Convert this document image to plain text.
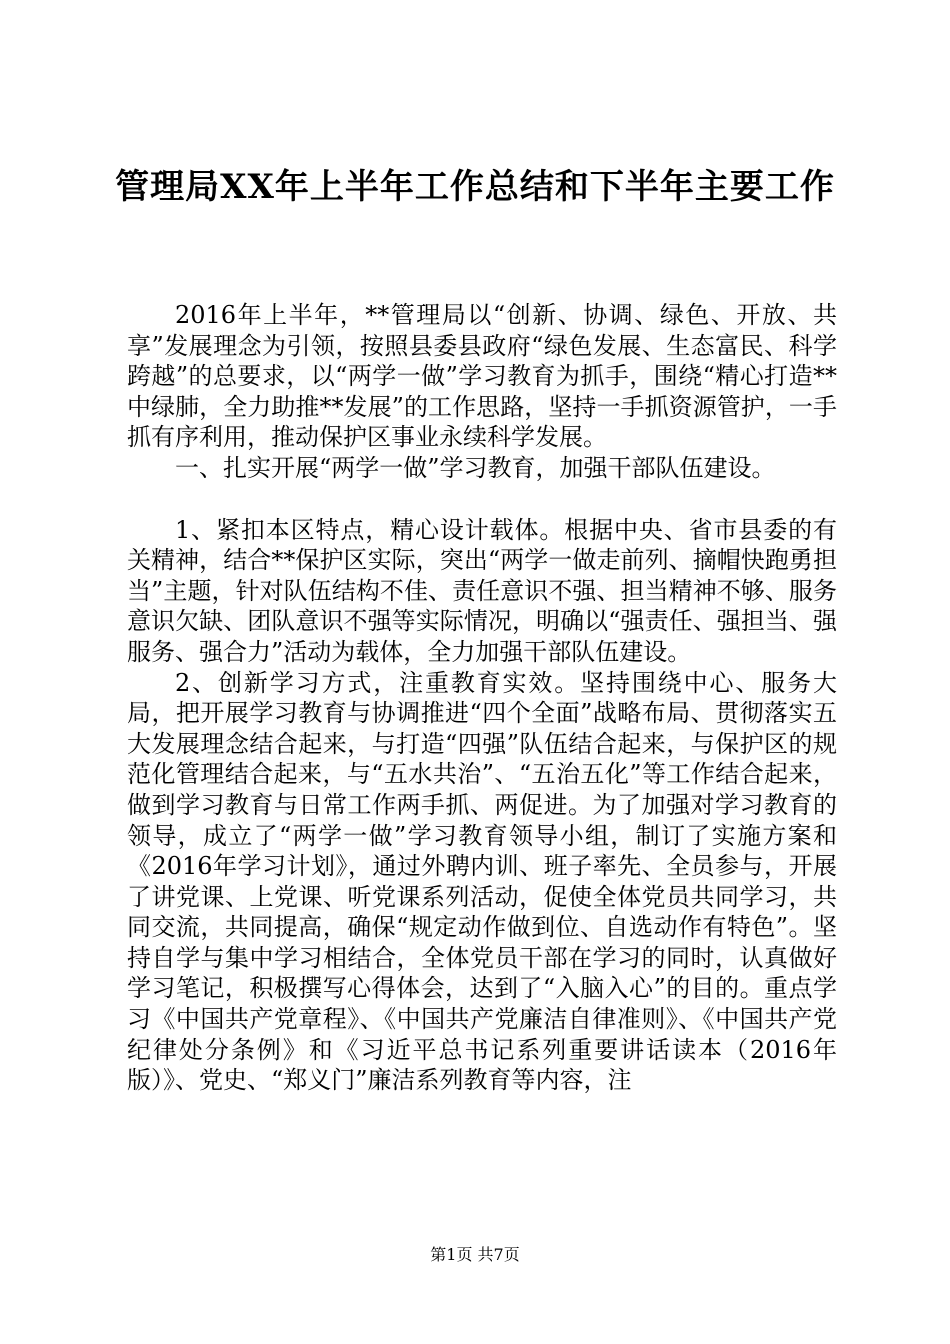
管理局XX年上半年工作总结和下半年主要工作

2016年上半年，**管理局以“创新、协调、绿色、开放、共享”发展理念为引领，按照县委县政府“绿色发展、生态富民、科学跨越”的总要求，以“两学一做”学习教育为抓手，围绕“精心打造**中绿肺，全力助推**发展”的工作思路，坚持一手抓资源管护，一手抓有序利用，推动保护区事业永续科学发展。

一、扎实开展“两学一做”学习教育，加强干部队伍建设。

1、紧扣本区特点，精心设计载体。根据中央、省市县委的有关精神，结合**保护区实际，突出“两学一做走前列、摘帽快跑勇担当”主题，针对队伍结构不佳、责任意识不强、担当精神不够、服务意识欠缺、团队意识不强等实际情况，明确以“强责任、强担当、强服务、强合力”活动为载体，全力加强干部队伍建设。

2、创新学习方式，注重教育实效。坚持围绕中心、服务大局，把开展学习教育与协调推进“四个全面”战略布局、贯彻落实五大发展理念结合起来，与打造“四强”队伍结合起来，与保护区的规范化管理结合起来，与“五水共治”、“五治五化”等工作结合起来，做到学习教育与日常工作两手抓、两促进。为了加强对学习教育的领导，成立了“两学一做”学习教育领导小组，制订了实施方案和《2016年学习计划》，通过外聘内训、班子率先、全员参与，开展了讲党课、上党课、听党课系列活动，促使全体党员共同学习，共同交流，共同提高，确保“规定动作做到位、自选动作有特色”。坚持自学与集中学习相结合，全体党员干部在学习的同时，认真做好学习笔记，积极撰写心得体会，达到了“入脑入心”的目的。重点学习《中国共产党章程》、《中国共产党廉洁自律准则》、《中国共产党纪律处分条例》和《习近平总书记系列重要讲话读本（2016年版）》、党史、“郑义门”廉洁系列教育等内容，注

第1页 共7页
